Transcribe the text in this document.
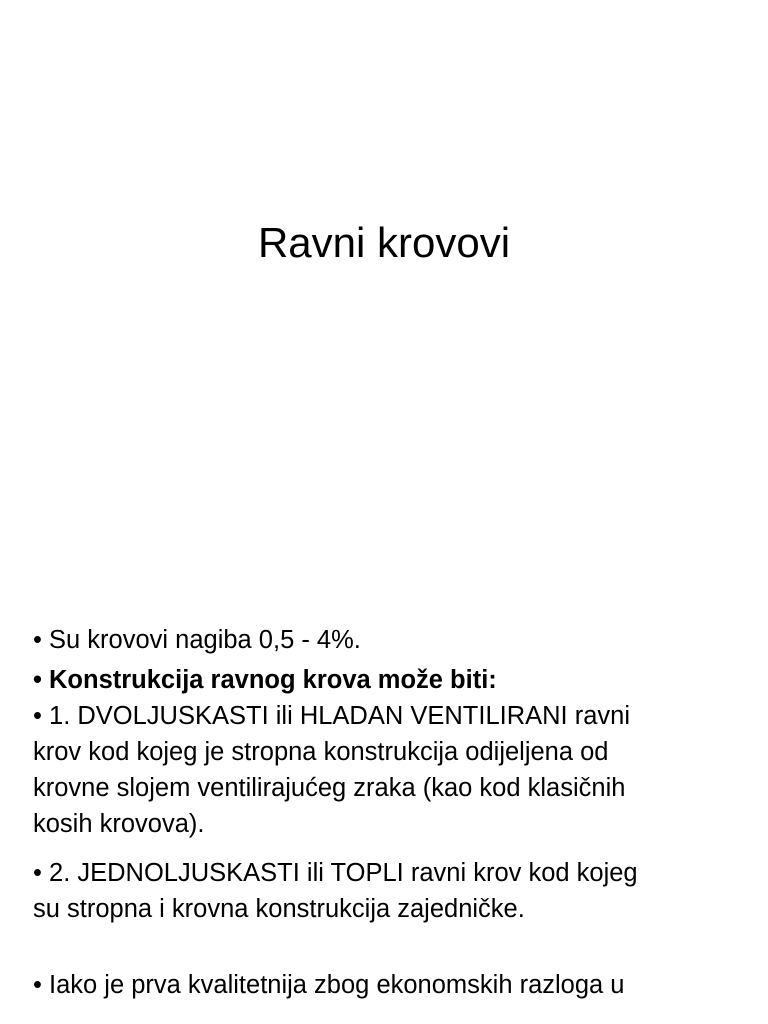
Ravni krovovi

• Su krovovi nagiba 0,5 - 4%.

• Konstrukcija ravnog krova može biti:

• 1. DVOLJUSKASTI ili HLADAN VENTILIRANI ravni
krov kod kojeg je stropna konstrukcija odijeljena od
krovne slojem ventilirajućeg zraka (kao kod klasičnih
kosih krovova).

• 2. JEDNOLJUSKASTI ili TOPLI ravni krov kod kojeg
su stropna i krovna konstrukcija zajedničke.

• Iako je prva kvalitetnija zbog ekonomskih razloga u
